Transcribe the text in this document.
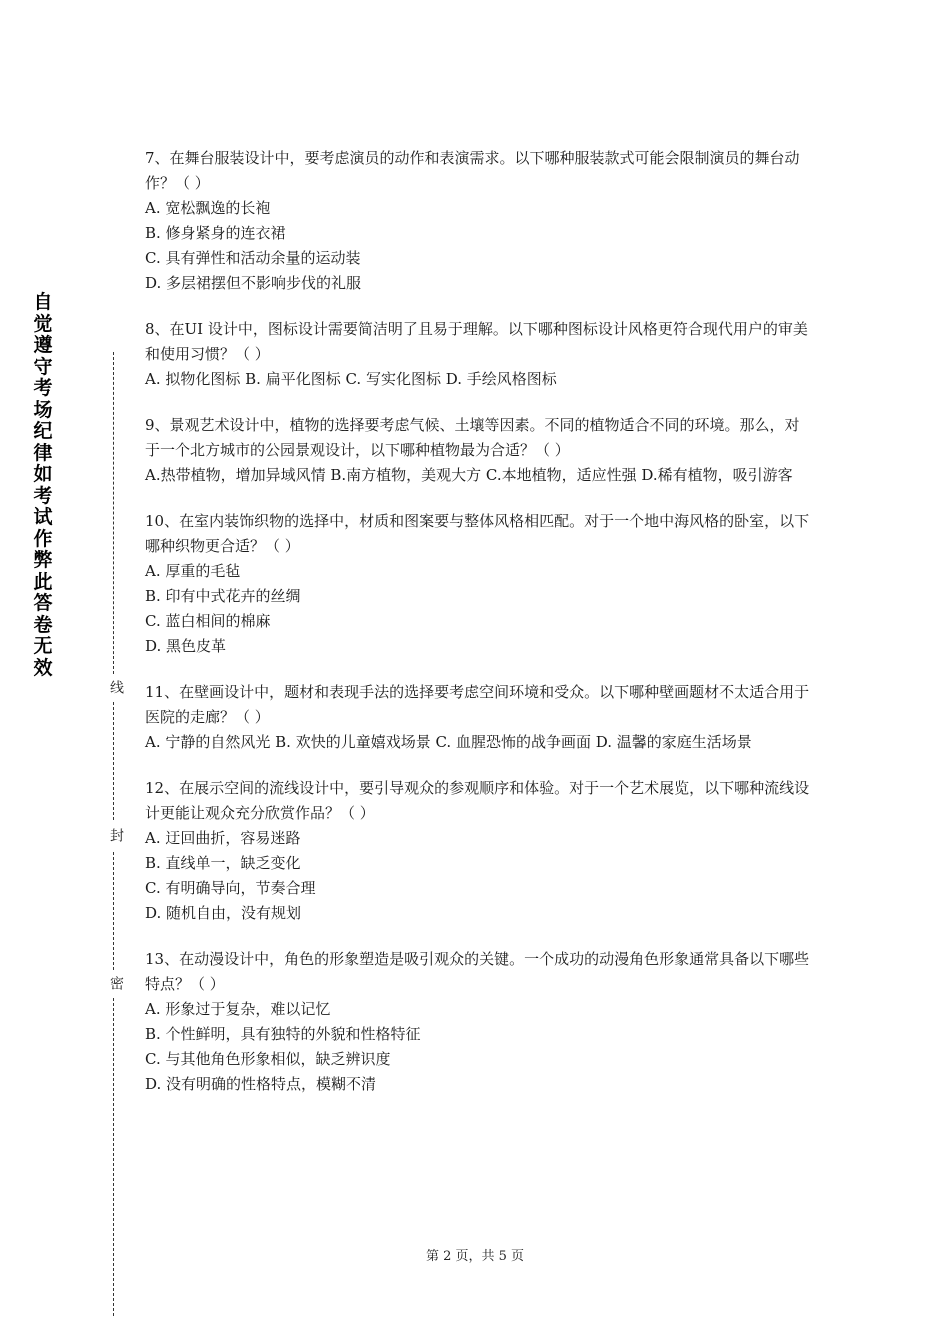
自觉遵守考场纪律如考试作弊此答卷无效
线
封
密

7、在舞台服装设计中，要考虑演员的动作和表演需求。以下哪种服装款式可能会限制演员的舞台动作？（ ）

A. 宽松飘逸的长袍

B. 修身紧身的连衣裙

C. 具有弹性和活动余量的运动装

D. 多层裙摆但不影响步伐的礼服

8、在UI 设计中，图标设计需要简洁明了且易于理解。以下哪种图标设计风格更符合现代用户的审美和使用习惯？（ ）

A. 拟物化图标 B. 扁平化图标 C. 写实化图标 D. 手绘风格图标

9、景观艺术设计中，植物的选择要考虑气候、土壤等因素。不同的植物适合不同的环境。那么，对于一个北方城市的公园景观设计，以下哪种植物最为合适？（ ）

A.热带植物，增加异域风情 B.南方植物，美观大方 C.本地植物，适应性强 D.稀有植物，吸引游客

10、在室内装饰织物的选择中，材质和图案要与整体风格相匹配。对于一个地中海风格的卧室，以下哪种织物更合适？（ ）

A. 厚重的毛毡

B. 印有中式花卉的丝绸

C. 蓝白相间的棉麻

D. 黑色皮革

11、在壁画设计中，题材和表现手法的选择要考虑空间环境和受众。以下哪种壁画题材不太适合用于医院的走廊？（ ）

A. 宁静的自然风光 B. 欢快的儿童嬉戏场景 C. 血腥恐怖的战争画面 D. 温馨的家庭生活场景

12、在展示空间的流线设计中，要引导观众的参观顺序和体验。对于一个艺术展览，以下哪种流线设计更能让观众充分欣赏作品？（ ）

A. 迂回曲折，容易迷路

B. 直线单一，缺乏变化

C. 有明确导向，节奏合理

D. 随机自由，没有规划

13、在动漫设计中，角色的形象塑造是吸引观众的关键。一个成功的动漫角色形象通常具备以下哪些特点？（ ）

A. 形象过于复杂，难以记忆

B. 个性鲜明，具有独特的外貌和性格特征

C. 与其他角色形象相似，缺乏辨识度

D. 没有明确的性格特点，模糊不清

第 2 页，共 5 页
